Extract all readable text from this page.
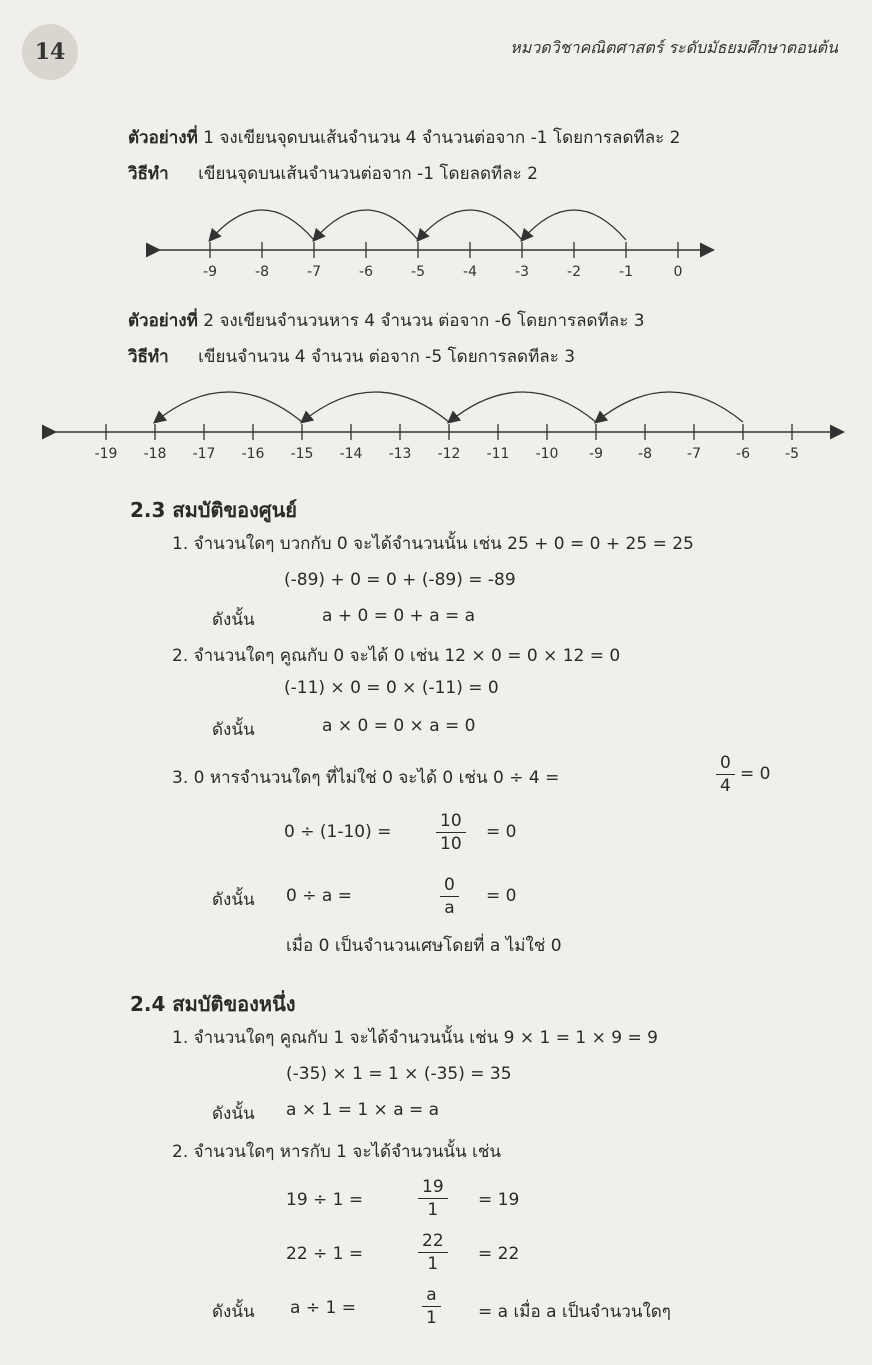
14	หมวดวิชาคณิตศาสตร์ ระดับมัธยมศึกษาตอนต้น
ตัวอย่างที่ 1 จงเขียนจุดบนเส้นจำนวน 4 จำนวนต่อจาก -1 โดยการลดทีละ 2
วิธีทำ เขียนจุดบนเส้นจำนวนต่อจาก -1 โดยลดทีละ 2
-9	-8	-7	-6	-5	-4	-3	-2	-1	0
ตัวอย่างที่ 2 จงเขียนจำนวนหาร 4 จำนวน ต่อจาก -6 โดยการลดทีละ 3
วิธีทำ เขียนจำนวน 4 จำนวน ต่อจาก -5 โดยการลดทีละ 3
-19 -18 -17 -16 -15 -14 -13 -12 -11 -10 -9	-8	-7	-6	-5
2.3 สมบัติของศูนย์
1. จำนวนใดๆ บวกกับ 0 จะได้จำนวนนั้น เช่น 25 + 0 = 0 + 25 = 25
(-89) + 0 = 0 + (-89) = -89
ดังนั้น	a + 0 = 0 + a = a
2. จำนวนใดๆ คูณกับ 0 จะได้ 0 เช่น 12 × 0 = 0 × 12 = 0
(-11) × 0 = 0 × (-11) = 0
ดังนั้น	a × 0 = 0 × a = 0
3. 0 หารจำนวนใดๆ ที่ไม่ใช่ 0 จะได้ 0 เช่น 0 ÷ 4 =	$\frac{0}{4} = 0$
0 ÷ (1-10) =	$\frac{10}{10} = 0$
ดังนั้น 0 ÷ a =	$\frac{0}{a} = 0$
เมื่อ 0 เป็นจำนวนเศษโดยที่ a ไม่ใช่ 0
2.4 สมบัติของหนึ่ง
1. จำนวนใดๆ คูณกับ 1 จะได้จำนวนนั้น เช่น 9 × 1 = 1 × 9 = 9
(-35) × 1 = 1 × (-35) = 35
ดังนั้น a × 1 = 1 × a = a
2. จำนวนใดๆ หารกับ 1 จะได้จำนวนนั้น เช่น
19 ÷ 1 =	$\frac{19}{1} = 19$
22 ÷ 1 =	$\frac{22}{1} = 22$
ดังนั้น a ÷ 1 =	$\frac{a}{1} = a$ เมื่อ a เป็นจำนวนใดๆ
